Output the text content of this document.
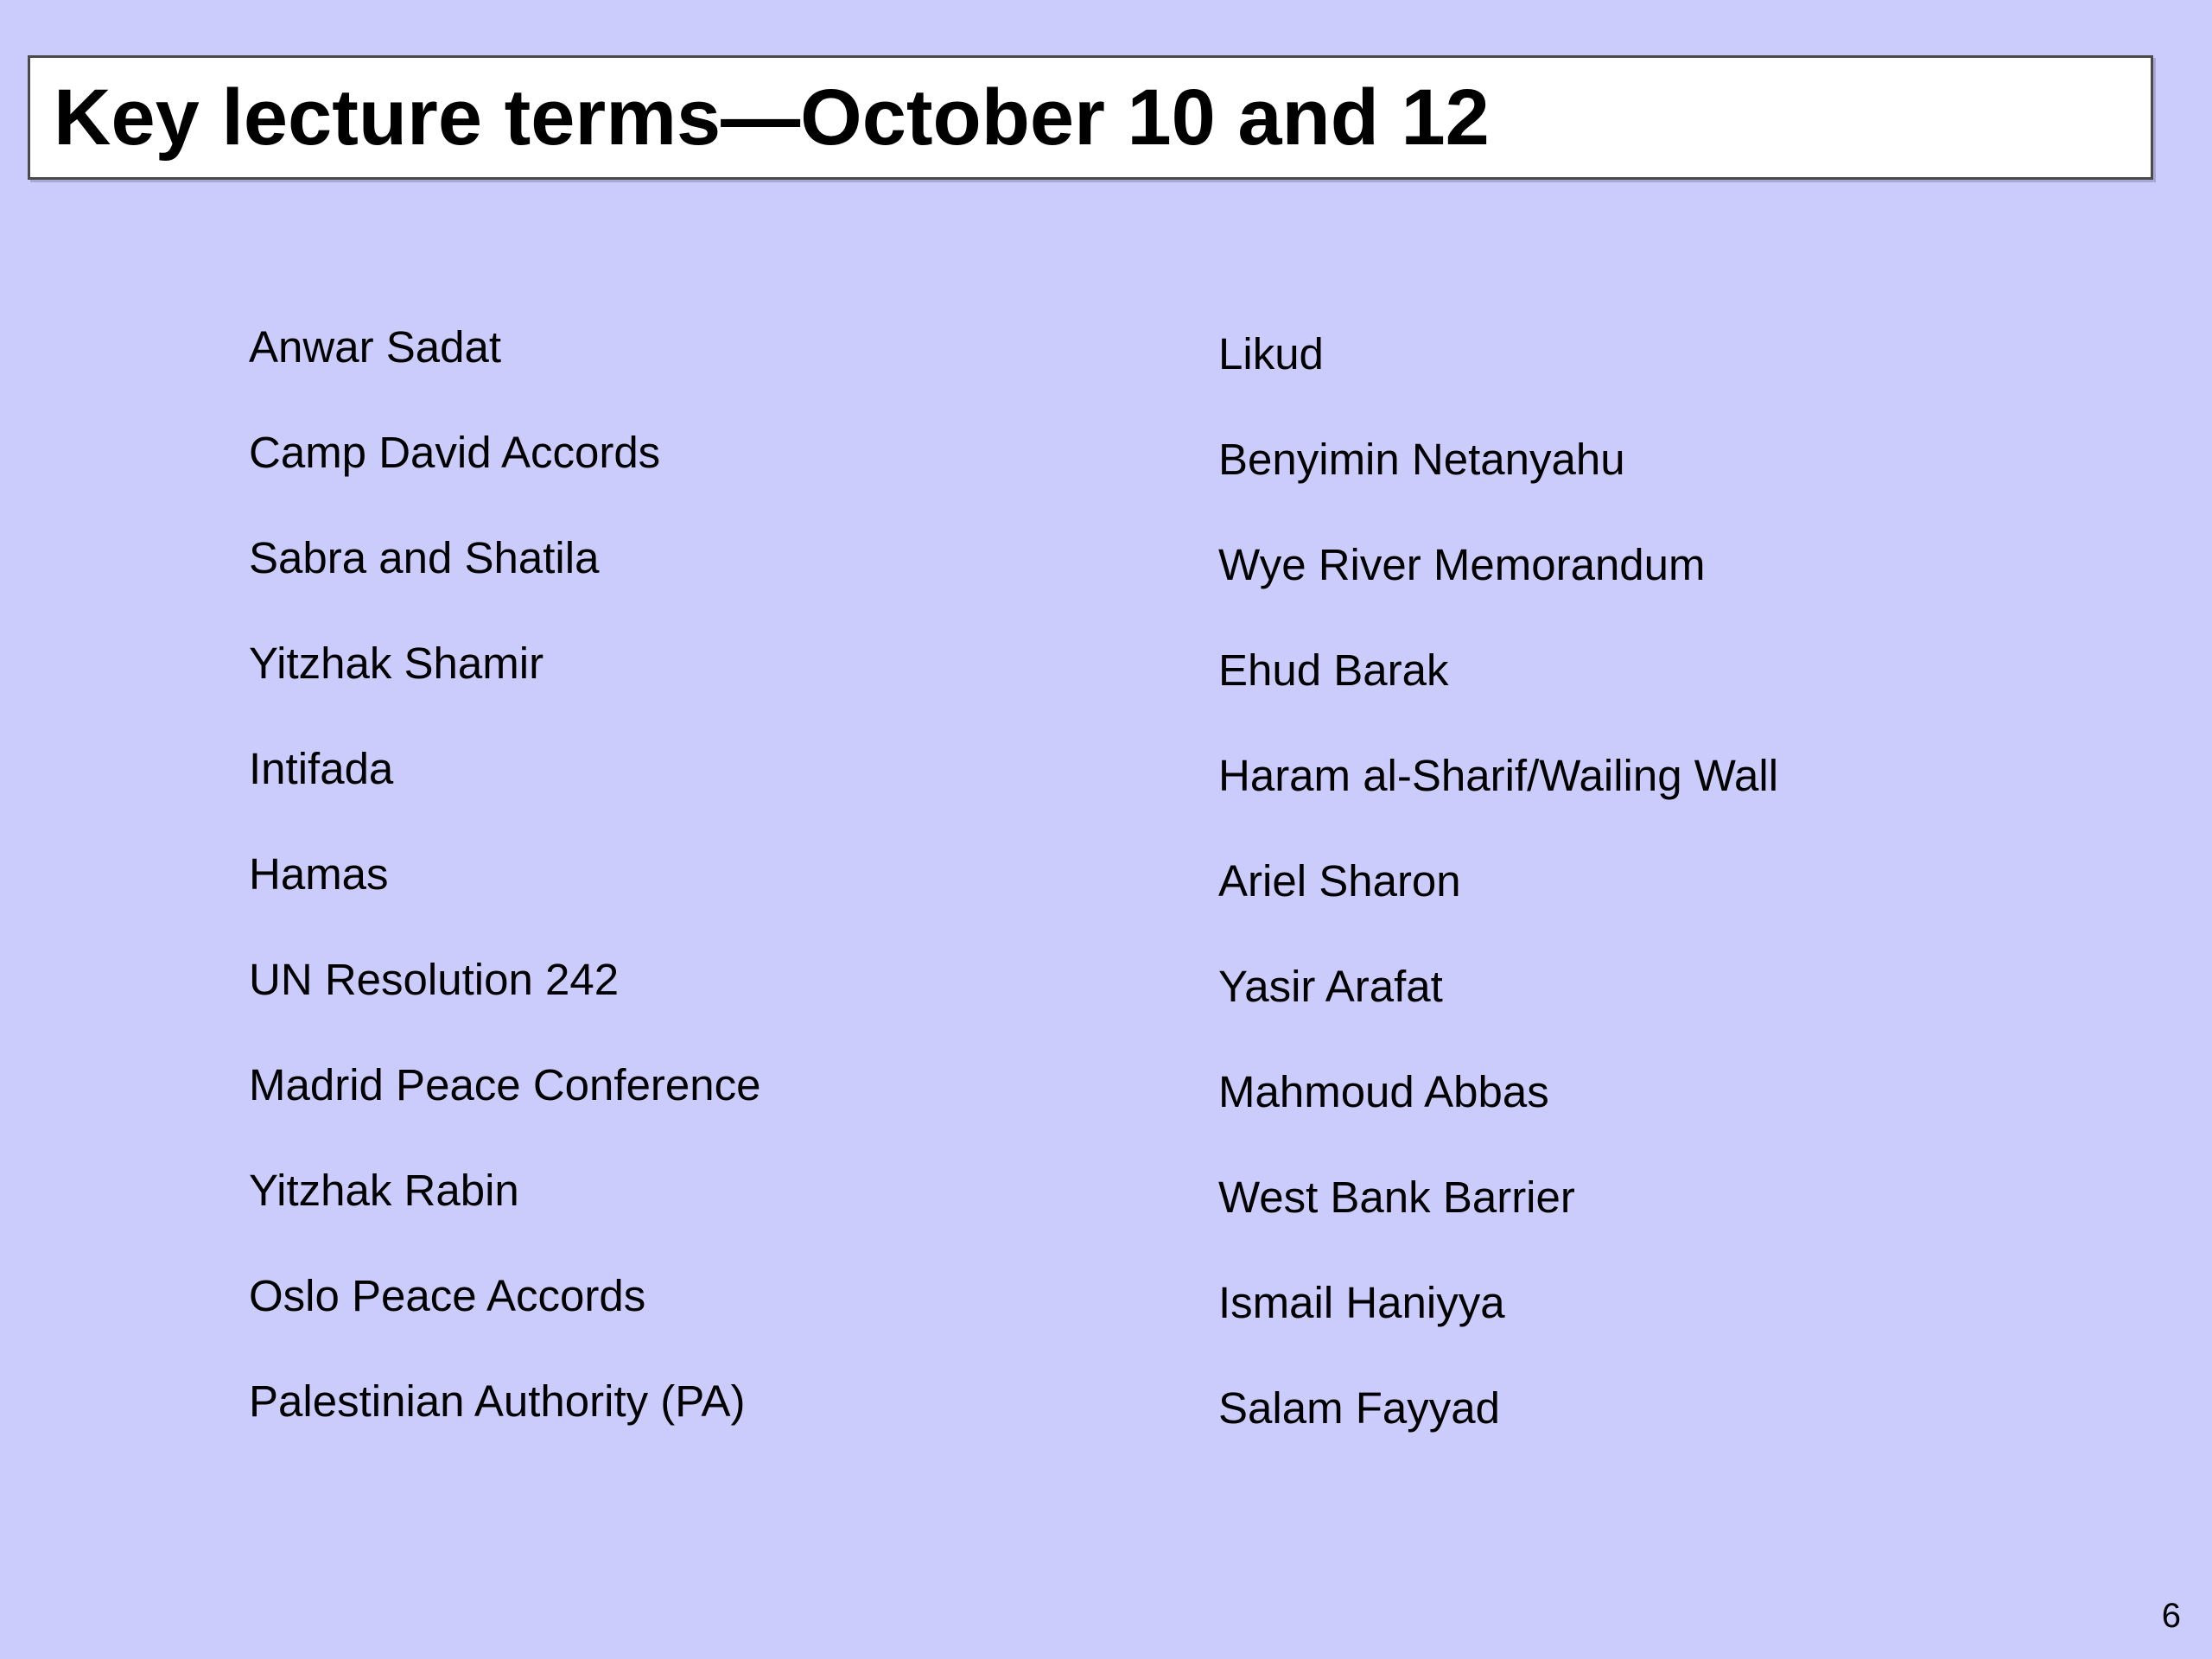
Key lecture terms—October 10 and 12
Anwar Sadat
Camp David Accords
Sabra and Shatila
Yitzhak Shamir
Intifada
Hamas
UN Resolution 242
Madrid Peace Conference
Yitzhak Rabin
Oslo Peace Accords
Palestinian Authority (PA)
Likud
Benyimin Netanyahu
Wye River Memorandum
Ehud Barak
Haram al-Sharif/Wailing Wall
Ariel Sharon
Yasir Arafat
Mahmoud Abbas
West Bank Barrier
Ismail Haniyya
Salam Fayyad
6
